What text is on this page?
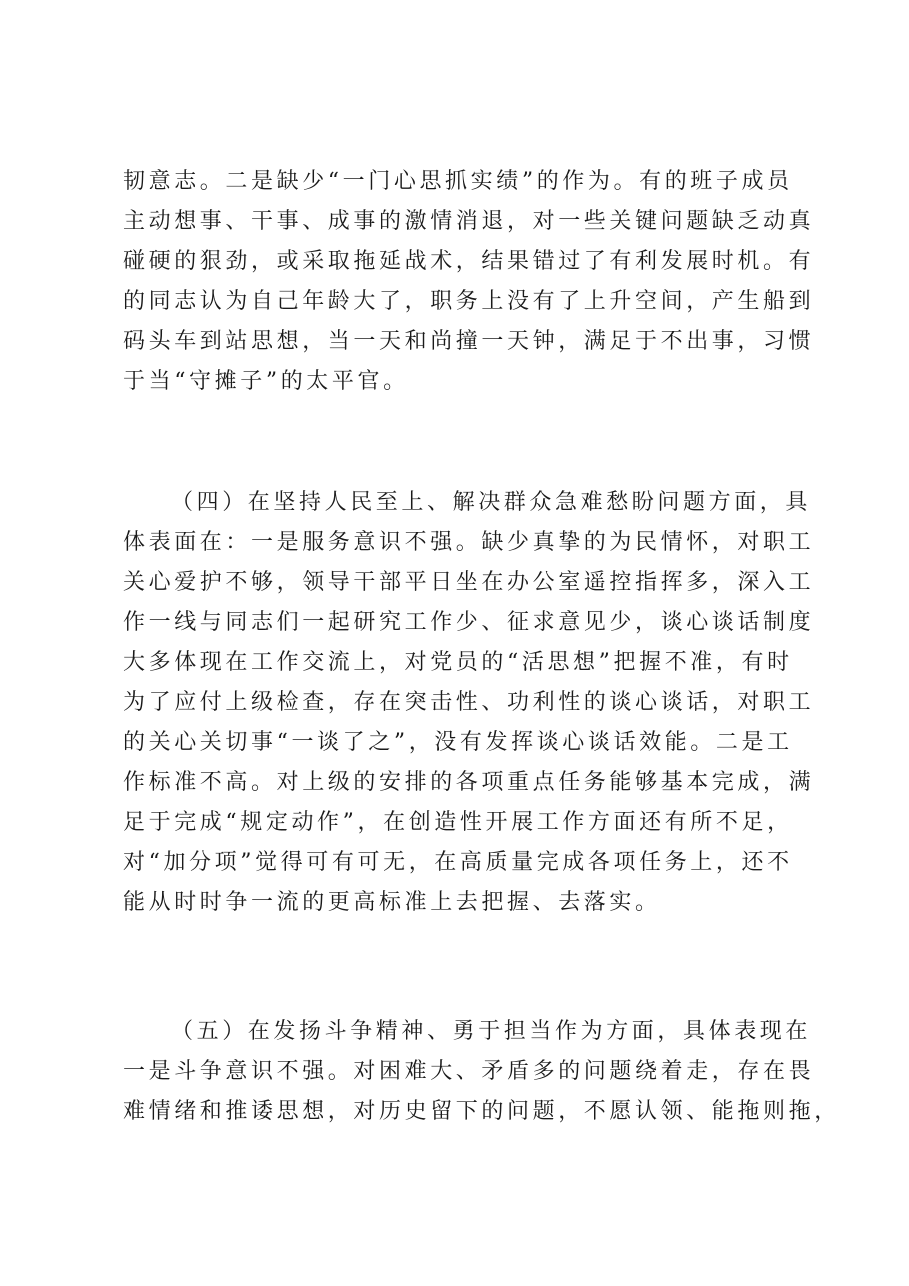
韧意志。二是缺少“一门心思抓实绩”的作为。有的班子成员
主动想事、干事、成事的激情消退，对一些关键问题缺乏动真
碰硬的狠劲，或采取拖延战术，结果错过了有利发展时机。有
的同志认为自己年龄大了，职务上没有了上升空间，产生船到
码头车到站思想，当一天和尚撞一天钟，满足于不出事，习惯
于当“守摊子”的太平官。
（四）在坚持人民至上、解决群众急难愁盼问题方面，具
体表面在：一是服务意识不强。缺少真挚的为民情怀，对职工
关心爱护不够，领导干部平日坐在办公室遥控指挥多，深入工
作一线与同志们一起研究工作少、征求意见少，谈心谈话制度
大多体现在工作交流上，对党员的“活思想”把握不准，有时
为了应付上级检查，存在突击性、功利性的谈心谈话，对职工
的关心关切事“一谈了之”，没有发挥谈心谈话效能。二是工
作标准不高。对上级的安排的各项重点任务能够基本完成，满
足于完成“规定动作”，在创造性开展工作方面还有所不足，
对“加分项”觉得可有可无，在高质量完成各项任务上，还不
能从时时争一流的更高标准上去把握、去落实。
（五）在发扬斗争精神、勇于担当作为方面，具体表现在
一是斗争意识不强。对困难大、矛盾多的问题绕着走，存在畏
难情绪和推诿思想，对历史留下的问题，不愿认领、能拖则拖，
